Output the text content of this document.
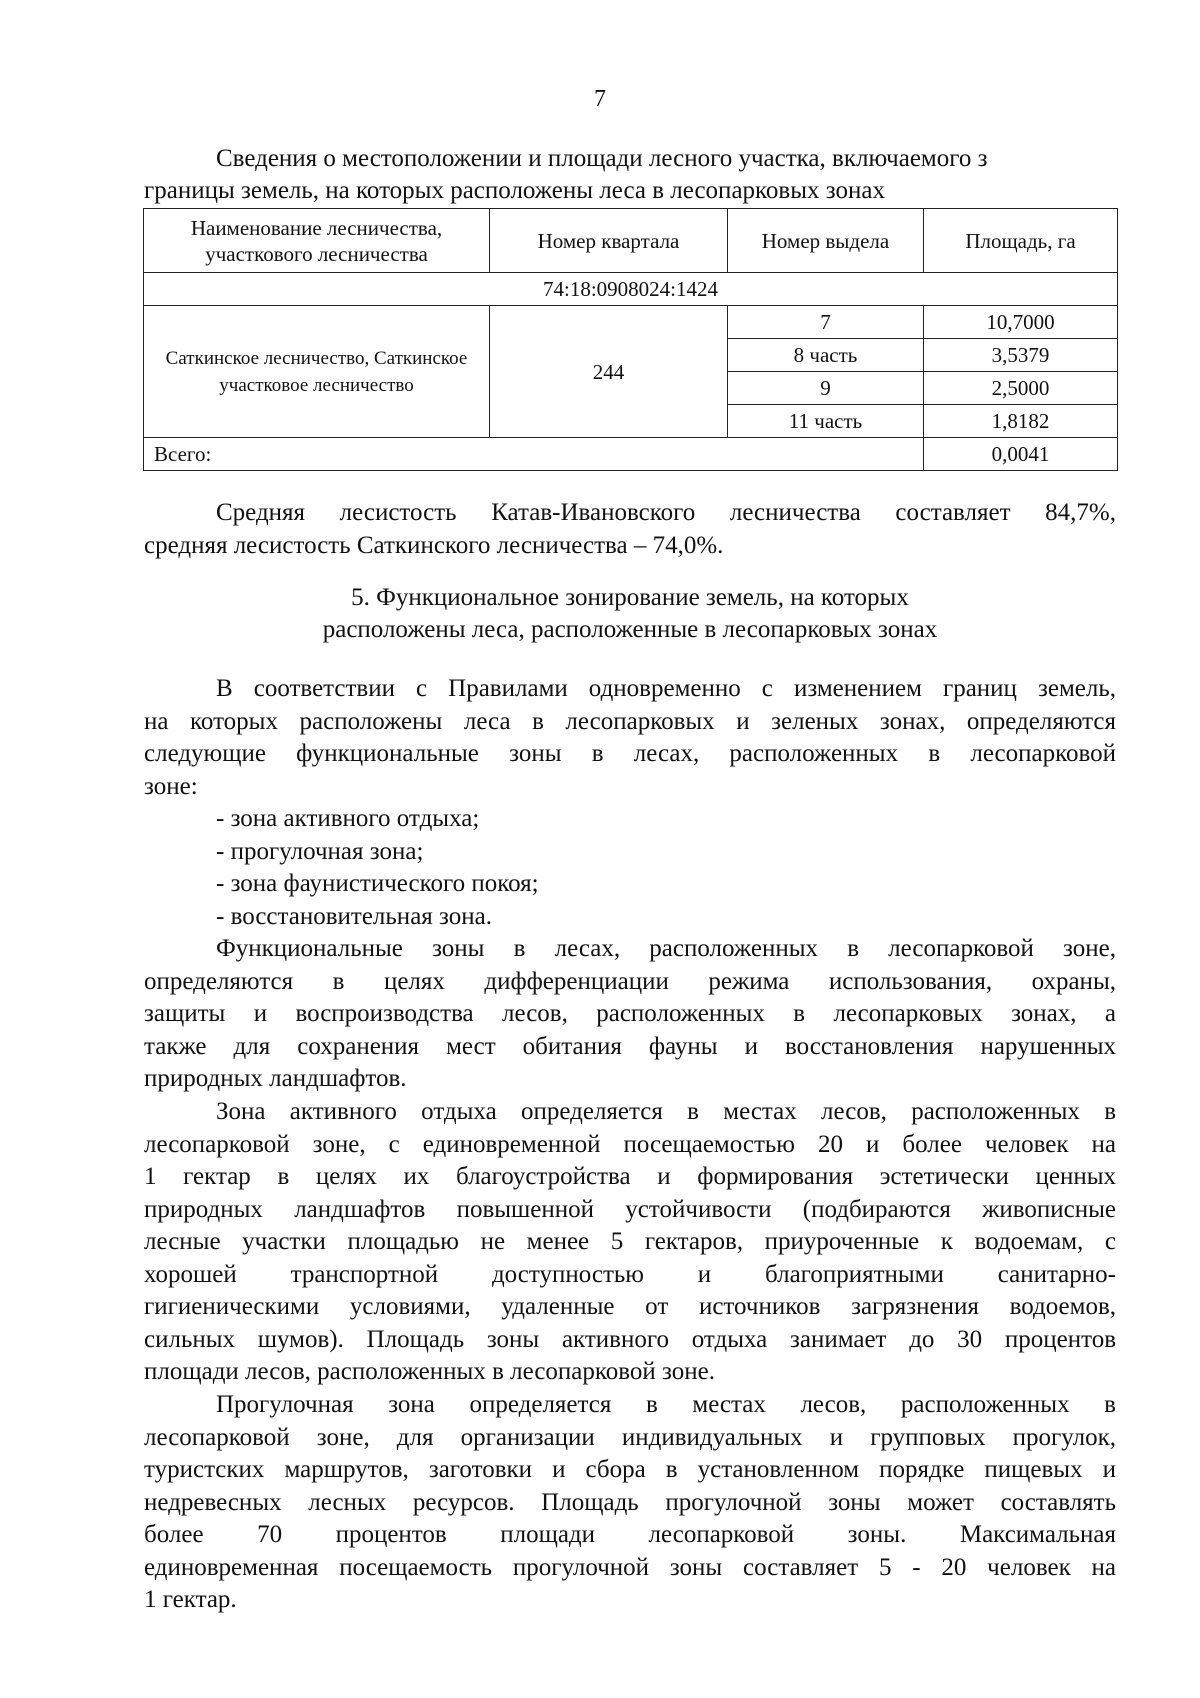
7
Сведения о местоположении и площади лесного участка, включаемого з
границы земель, на которых расположены леса в лесопарковых зонах
Наименование лесничества, участкового лесничества	Номер квартала	Номер выдела	Площадь, га
74:18:0908024:1424			
Саткинское лесничество, Саткинское участковое лесничество	244	7	10,7000
		8 часть	3,5379
		9	2,5000
		11 часть	1,8182
Всего:			0,0041
Средняя лесистость Катав-Ивановского лесничества составляет 84,7%,
средняя лесистость Саткинского лесничества – 74,0%.
5. Функциональное зонирование земель, на которых
расположены леса, расположенные в лесопарковых зонах
В соответствии с Правилами одновременно с изменением границ земель,
на которых расположены леса в лесопарковых и зеленых зонах, определяются
следующие функциональные зоны в лесах, расположенных в лесопарковой
зоне:
- зона активного отдыха;
- прогулочная зона;
- зона фаунистического покоя;
- восстановительная зона.
Функциональные зоны в лесах, расположенных в лесопарковой зоне,
определяются в целях дифференциации режима использования, охраны,
защиты и воспроизводства лесов, расположенных в лесопарковых зонах, а
также для сохранения мест обитания фауны и восстановления нарушенных
природных ландшафтов.
Зона активного отдыха определяется в местах лесов, расположенных в
лесопарковой зоне, с единовременной посещаемостью 20 и более человек на
1 гектар в целях их благоустройства и формирования эстетически ценных
природных ландшафтов повышенной устойчивости (подбираются живописные
лесные участки площадью не менее 5 гектаров, приуроченные к водоемам, с
хорошей транспортной доступностью и благоприятными санитарно-
гигиеническими условиями, удаленные от источников загрязнения водоемов,
сильных шумов). Площадь зоны активного отдыха занимает до 30 процентов
площади лесов, расположенных в лесопарковой зоне.
Прогулочная зона определяется в местах лесов, расположенных в
лесопарковой зоне, для организации индивидуальных и групповых прогулок,
туристских маршрутов, заготовки и сбора в установленном порядке пищевых и
недревесных лесных ресурсов. Площадь прогулочной зоны может составлять
более 70 процентов площади лесопарковой зоны. Максимальная
единовременная посещаемость прогулочной зоны составляет 5 - 20 человек на
1 гектар.
